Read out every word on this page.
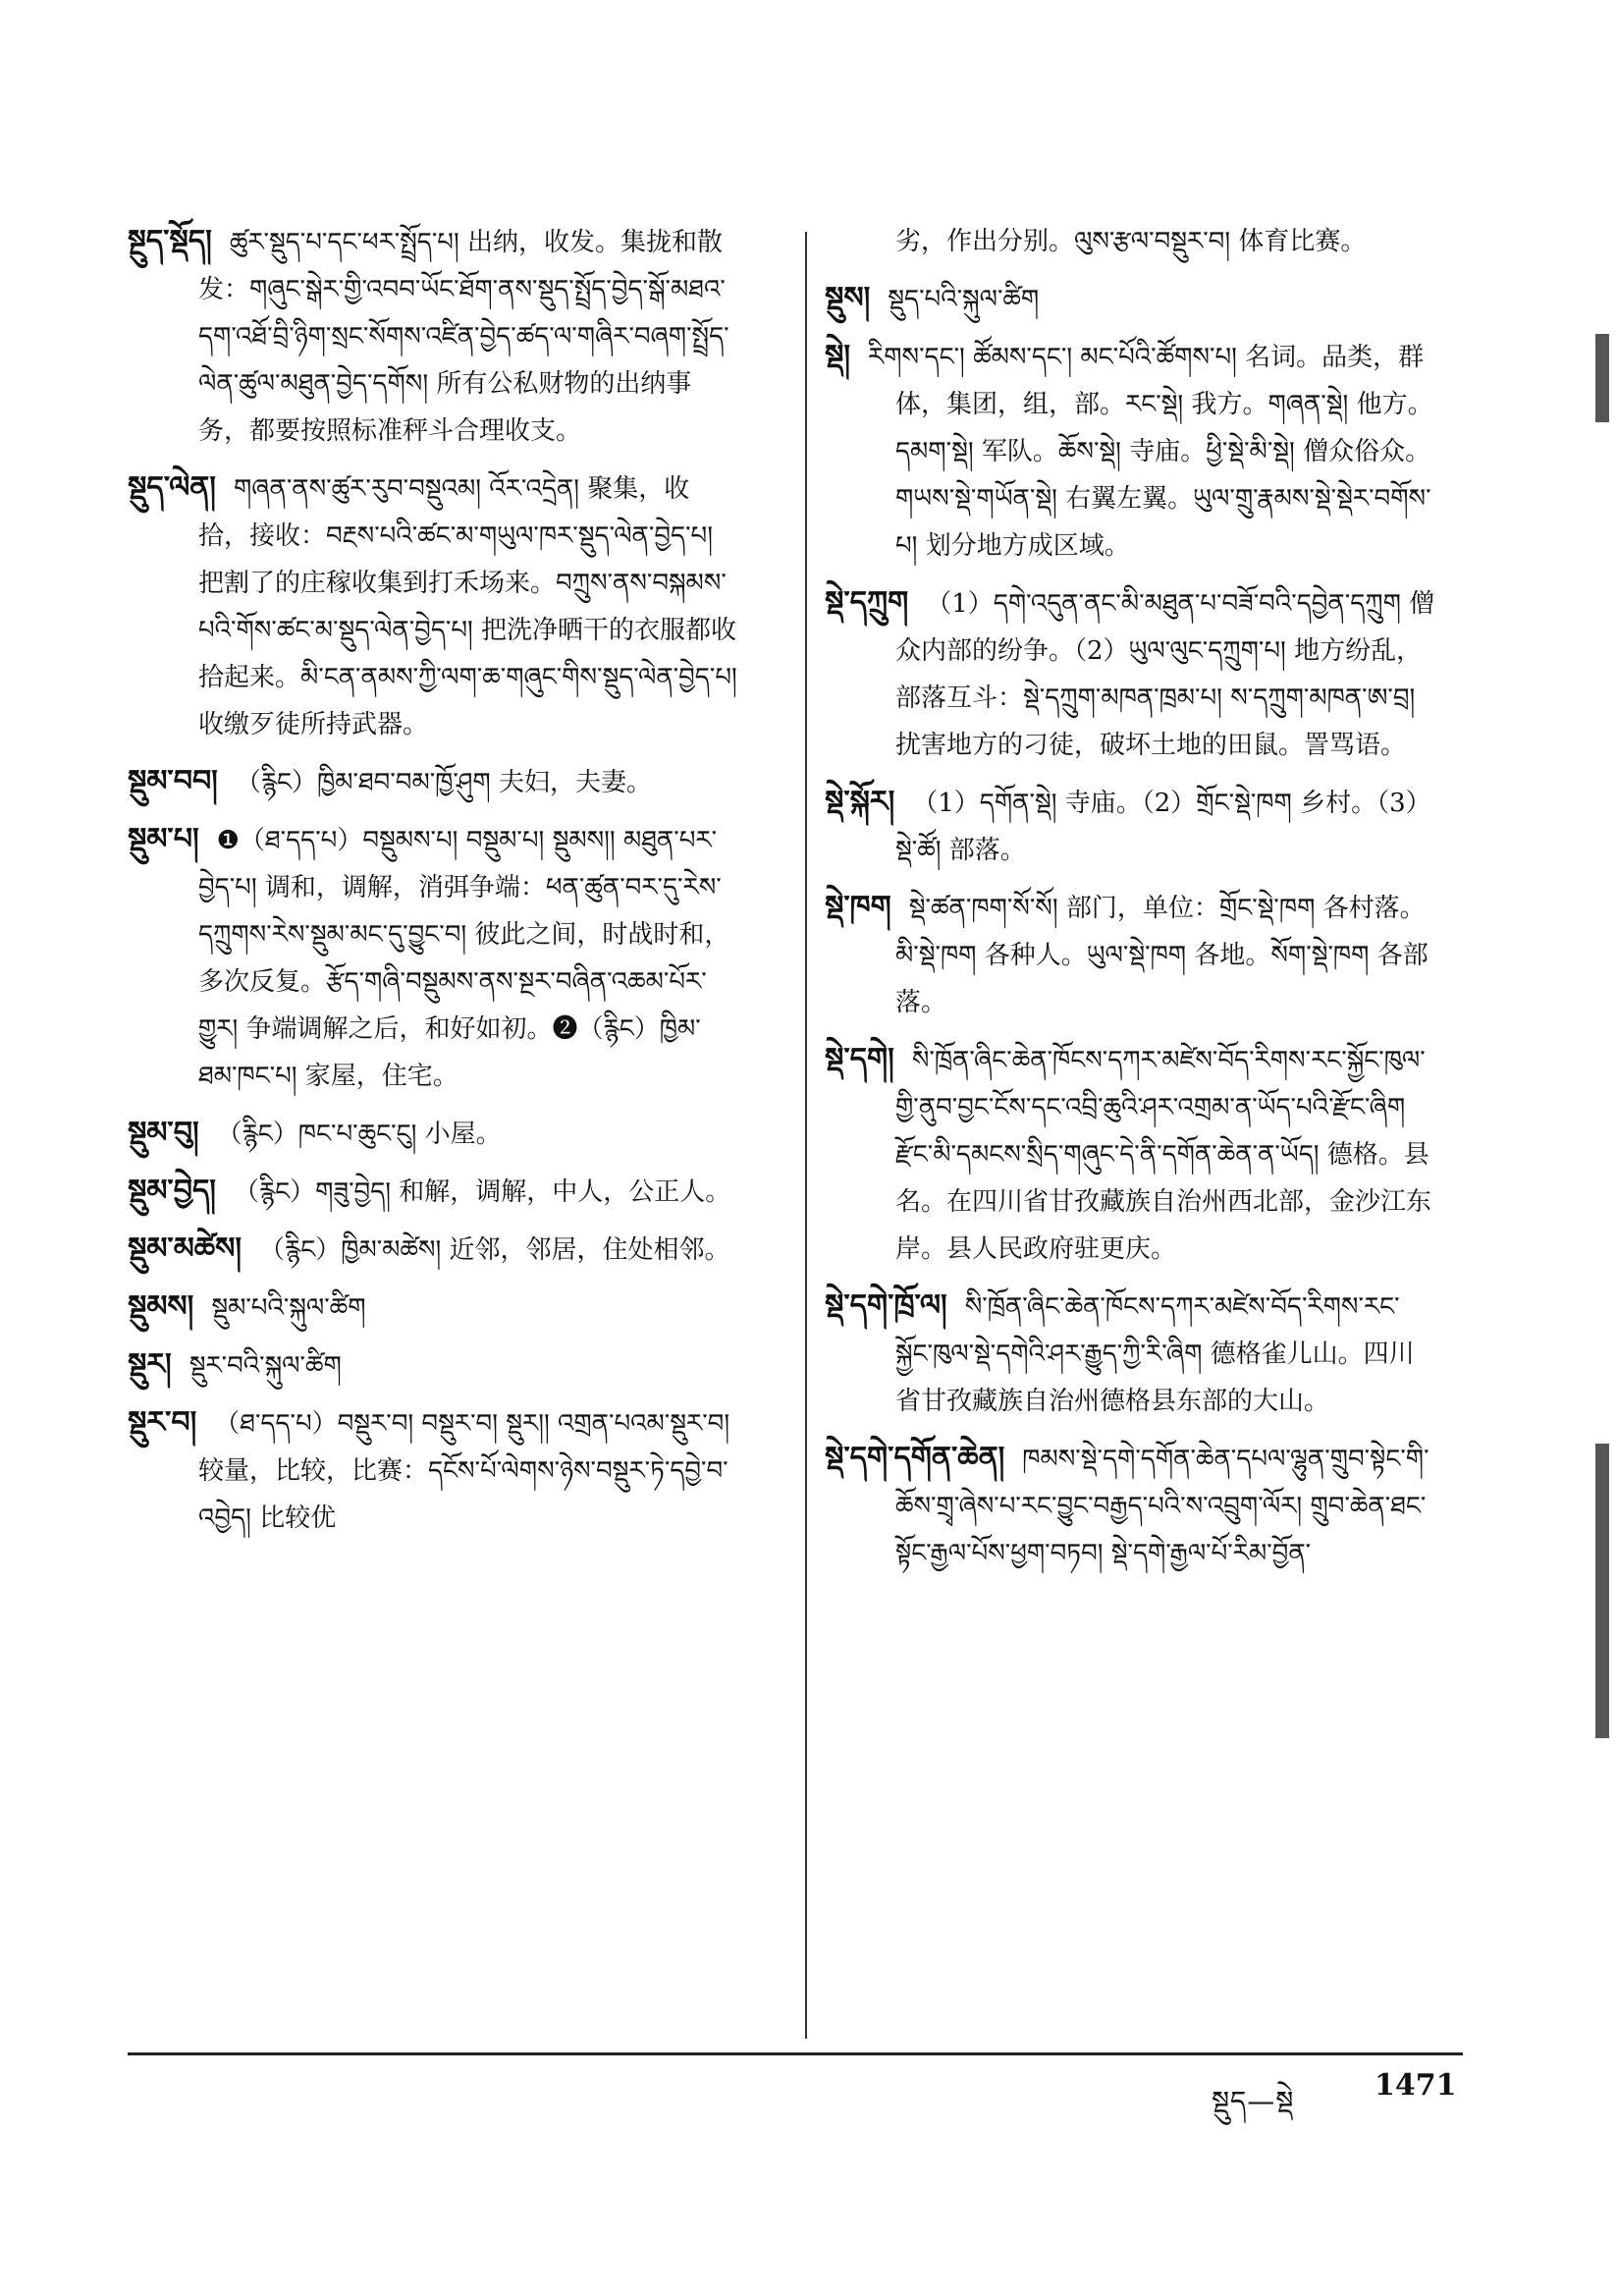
སྔུད་སྡོད། ཚུར་སྡུད་པ་དང་ཕར་སྤྲོད་པ། 出纳，收发。集拢和散发：གཞུང་སྒེར་གྱི་འབབ་ཡོང་ཐོག་ནས་སྡུད་སྤྲོད་བྱེད་སྒོ་མཐའ་དག་འཐོ་བྲི་ཉིག་སྲང་སོགས་འཛིན་བྱེད་ཚད་ལ་གཞིར་བཞག་སྤྲོད་ལེན་ཚུལ་མཐུན་བྱེད་དགོས། 所有公私财物的出纳事务，都要按照标准秤斗合理收支。
སྡུད་ལེན། གཞན་ནས་ཚུར་རུབ་བསྡུའམ། འོར་འདྲེན། 聚集，收拾，接收：བརྔས་པའི་ཚང་མ་གཡུལ་ཁར་སྡུད་ལེན་བྱེད་པ། 把割了的庄稼收集到打禾场来。བཀྲུས་ནས་བསྐམས་པའི་གོས་ཚང་མ་སྡུད་ལེན་བྱེད་པ། 把洗净晒干的衣服都收拾起来。མི་ངན་ནམས་ཀྱི་ལག་ཆ་གཞུང་གིས་སྡུད་ལེན་བྱེད་པ། 收缴歹徒所持武器。
སྡུམ་བབ། （རྙིང）ཁྱིམ་ཐབ་བམ་ཁྱོ་ཤུག 夫妇，夫妻。
སྡུམ་པ། ❶（ཐ་དད་པ）བསྡུམས་པ། བསྡུམ་པ། སྡུམས།། མཐུན་པར་བྱེད་པ། 调和，调解，消弭争端：ཕན་ཚུན་བར་དུ་རེས་དཀྲུགས་རེས་སྡུམ་མང་དུ་བྱུང་བ། 彼此之间，时战时和，多次反复。རྩོད་གཞི་བསྡུམས་ནས་སྔར་བཞིན་འཆམ་པོར་གྱུར། 争端调解之后，和好如初。❷（རྙིང）ཁྱིམ་ཐམ་ཁང་པ། 家屋，住宅。
སྡུམ་བུ། （རྙིང）ཁང་པ་ཆུང་ངུ། 小屋。
སྡུམ་བྱེད། （རྙིང）གཟུ་བྱེད། 和解，调解，中人，公正人。
སྡུམ་མཚེས། （རྙིང）ཁྱིམ་མཚེས། 近邻，邻居，住处相邻。
སྡུམས། སྡུམ་པའི་སྐུལ་ཚིག
སྡུར། སྡུར་བའི་སྐུལ་ཚིག
སྡུར་བ། （ཐ་དད་པ）བསྡུར་བ། བསྡུར་བ། སྡུར།། འགྲན་པའམ་སྡུར་བ། 较量，比较，比赛：དངོས་པོ་ལེགས་ཉེས་བསྡུར་ཏེ་དབྱེ་བ་འབྱེད། 比较优
劣，作出分别。ལུས་རྩལ་བསྡུར་བ། 体育比赛。
སྡུས། སྡུད་པའི་སྐུལ་ཚིག
སྡེ། རིགས་དང་། ཚོམས་དང་། མང་པོའི་ཚོགས་པ། 名词。品类，群体，集团，组，部。རང་སྡེ། 我方。གཞན་སྡེ། 他方。དམག་སྡེ། 军队。ཆོས་སྡེ། 寺庙。ཕྱི་སྡེ་མི་སྡེ། 僧众俗众。གཡས་སྡེ་གཡོན་སྡེ། 右翼左翼。ཡུལ་གྲུ་རྣམས་སྡེ་སྡེར་བགོས་པ། 划分地方成区域。
སྡེ་དཀྲུག （1）དགེ་འདུན་ནང་མི་མཐུན་པ་བཟོ་བའི་དབྱེན་དཀྲུག 僧众内部的纷争。（2）ཡུལ་ལུང་དཀྲུག་པ། 地方纷乱，部落互斗：སྡེ་དཀྲུག་མཁན་ཁྲམ་པ། ས་དཀྲུག་མཁན་ཨ་བྲ། 扰害地方的刁徒，破坏土地的田鼠。詈骂语。
སྡེ་སྐོར། （1）དགོན་སྡེ། 寺庙。（2）གྲོང་སྡེ་ཁག 乡村。（3）སྡེ་ཚོ། 部落。
སྡེ་ཁག སྡེ་ཚན་ཁག་སོ་སོ། 部门，单位：གྲོང་སྡེ་ཁག 各村落。མི་སྡེ་ཁག 各种人。ཡུལ་སྡེ་ཁག 各地。སོག་སྡེ་ཁག 各部落。
སྡེ་དགེ། སི་ཁྲོན་ཞིང་ཆེན་ཁོངས་དཀར་མཛེས་བོད་རིགས་རང་སྐྱོང་ཁུལ་གྱི་ནུབ་བྱང་ངོས་དང་འབྲི་ཆུའི་ཤར་འགྲམ་ན་ཡོད་པའི་རྫོང་ཞིག རྫོང་མི་དམངས་སྲིད་གཞུང་དེ་ནི་དགོན་ཆེན་ན་ཡོད། 德格。县名。在四川省甘孜藏族自治州西北部，金沙江东岸。县人民政府驻更庆。
སྡེ་དགེ་ཁྲོ་ལ། སི་ཁྲོན་ཞིང་ཆེན་ཁོངས་དཀར་མཛེས་བོད་རིགས་རང་སྐྱོང་ཁུལ་སྡེ་དགེའི་ཤར་རྒྱུད་ཀྱི་རི་ཞིག 德格雀儿山。四川省甘孜藏族自治州德格县东部的大山。
སྡེ་དགེ་དགོན་ཆེན། ཁམས་སྡེ་དགེ་དགོན་ཆེན་དཔལ་ལྷུན་གྲུབ་སྟེང་གི་ཆོས་གྲྭ་ཞེས་པ་རང་བྱུང་བརྒྱད་པའི་ས་འབྲུག་ལོར། གྲུབ་ཆེན་ཐང་སྟོང་རྒྱལ་པོས་ཕྱག་བཏབ། སྡེ་དགེ་རྒྱལ་པོ་རིམ་བྱོན་
སྡུད—སྡེ	1471
